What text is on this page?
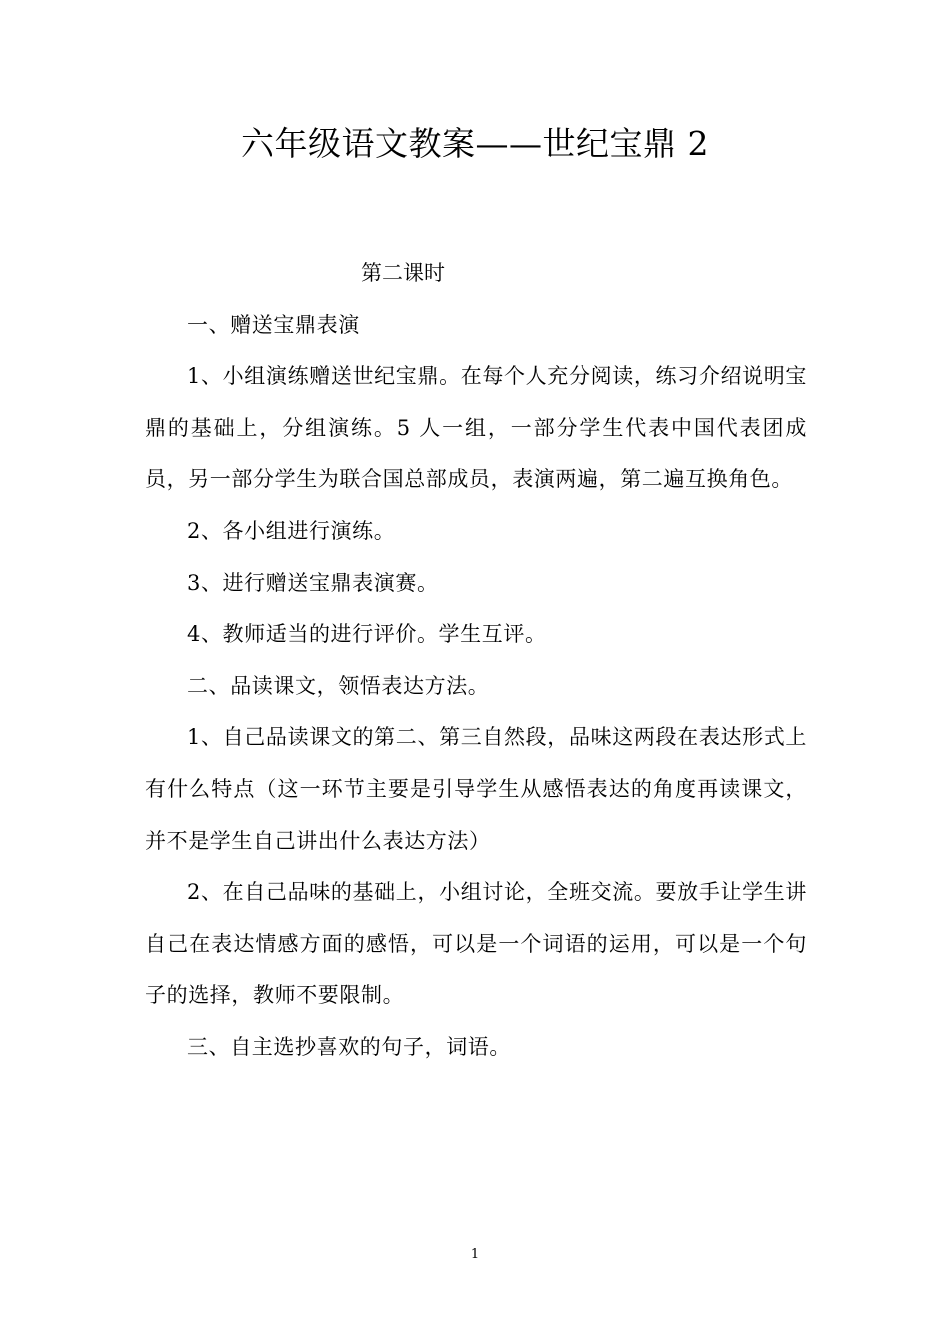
六年级语文教案——世纪宝鼎 2

第二课时

一、赠送宝鼎表演

1、小组演练赠送世纪宝鼎。在每个人充分阅读，练习介绍说明宝鼎的基础上，分组演练。5 人一组，一部分学生代表中国代表团成员，另一部分学生为联合国总部成员，表演两遍，第二遍互换角色。

2、各小组进行演练。

3、进行赠送宝鼎表演赛。

4、教师适当的进行评价。学生互评。

二、品读课文，领悟表达方法。

1、自己品读课文的第二、第三自然段，品味这两段在表达形式上有什么特点（这一环节主要是引导学生从感悟表达的角度再读课文，并不是学生自己讲出什么表达方法）

2、在自己品味的基础上，小组讨论，全班交流。要放手让学生讲自己在表达情感方面的感悟，可以是一个词语的运用，可以是一个句子的选择，教师不要限制。

三、自主选抄喜欢的句子，词语。

1
